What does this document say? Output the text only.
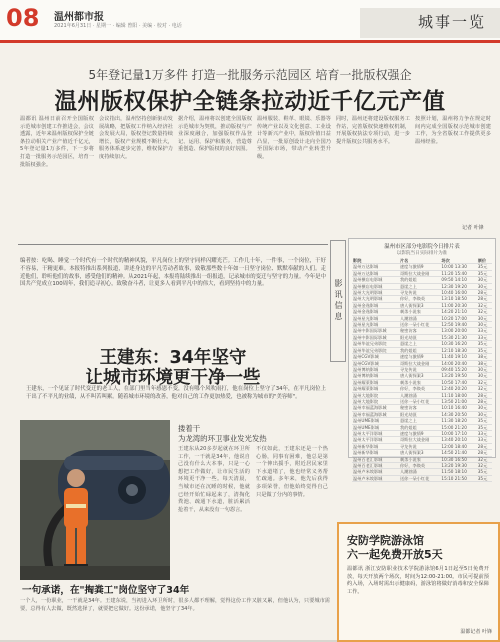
08 温州都市报
2021年6月31日 · 星期一 · 编辑 曾阳 · 美编 · 校对 · 电话	城事一览
5年登记量1万多件 打造一批服务示范园区 培育一批版权强企
温州版权保护全链条拉动近千亿元产值
温都讯 温州日前召开全国版权示范城市创建工作推进会，会议透露，近年来温州版权保护全链条拉动相关产业产值近千亿元，5年登记量1万多件，下一步将打造一批服务示范园区，培育一批版权强企。
会议指出，温州坚持创新驱动发展战略，把版权工作纳入经济社会发展大局，版权登记数量持续增长，版权产业规模不断壮大，服务体系逐步完善，维权保护力度持续加大。
据介绍，温州将以创建全国版权示范城市为契机，推动版权与产业深度融合，加强版权作品登记、运用、保护和服务，营造尊重创造、保护版权的良好氛围。
温州服装、鞋革、眼镜、乐器等传统产业以及文化创意、工业设计等新兴产业中，版权价值日益凸显，一批原创设计走向全国乃至国际市场，带动产业转型升级。
同时，温州还将建设版权服务工作站，完善版权快速维权机制，开展版权执法专项行动，进一步提升版权公共服务水平。
按照计划，温州将力争在规定时间内完成全国版权示范城市创建工作，为全省版权工作提供更多温州经验。
记者 叶锋
编者按：吃喝、睡觉一个时代有一个时代的精神风貌，平凡岗位上的坚守同样闪耀光芒。工作几十年，一件事，一个岗位，干好不容易，干精更难。本报特推出系列报道，讲述身边的平凡劳动者故事，致敬那些数十年如一日坚守岗位、默默奉献的人们。走近他们，聆听他们的故事，感受他们的精神。从2021年起，本报将陆续推出一组报道，记录城市的变迁与坚守的力量。今年是中国共产党成立100周年，我们追寻初心，致敬奋斗者，让更多人看到平凡中的伟大，看到坚持中的力量。	影讯信息
温州市区部分电影院今日排片表
以影院当日实际排片为准
影院	片名	场次	票价
温州万达影城	速度与激情9	10:00 13:30	35元
温州万达影城	哥斯拉大战金刚	11:20 15:40	35元
温州横店电影城	我的姐姐	09:50 14:10	30元
温州横店电影城	悬崖之上	12:30 19:20	30元
温州大光明影城	寻龙传说	10:40 16:00	28元
温州大光明影城	你好，李焕英	13:10 18:50	28元
温州金逸影城	唐人街探案3	11:00 20:30	32元
温州金逸影城	刺杀小说家	14:20 21:10	32元
温州星光影城	人潮汹涌	10:20 17:00	30元
温州星光影城	送你一朵小红花	12:50 19:40	30元
温州中影国际影城	秘密访客	13:00 20:00	33元
温州中影国际影城	阳光劫匪	15:30 21:30	33元
温州华谊兄弟影院	悬崖之上	10:30 16:20	35元
温州华谊兄弟影院	我的姐姐	12:10 18:30	35元
温州CGV影城	速度与激情9	11:40 19:10	38元
温州CGV影城	哥斯拉大战金刚	14:00 20:40	38元
温州博纳影城	寻龙传说	09:40 15:20	30元
温州博纳影城	唐人街探案3	13:20 19:50	30元
温州耀莱影城	刺杀小说家	10:50 17:40	32元
温州耀莱影城	你好，李焕英	12:40 20:20	32元
温州大地影院	人潮汹涌	11:10 18:00	28元
温州大地影院	送你一朵小红花	13:50 21:00	28元
温州幸福蓝海影城	秘密访客	10:10 16:40	30元
温州幸福蓝海影城	阳光劫匪	14:30 20:50	30元
温州UME影城	悬崖之上	11:30 18:20	35元
温州UME影城	我的姐姐	15:00 21:20	35元
温州太平洋影城	速度与激情9	10:00 17:10	33元
温州太平洋影城	哥斯拉大战金刚	13:40 20:10	33元
温州新华影城	寻龙传说	12:00 18:40	28元
温州新华影城	唐人街探案3	14:50 21:40	28元
温州百老汇影城	刺杀小说家	10:30 16:50	32元
温州百老汇影城	你好，李焕英	13:20 19:30	32元
温州卢米埃影城	人潮汹涌	11:50 18:10	35元
温州卢米埃影城	送你一朵小红花	15:10 21:50	35元
王建东：34年坚守
让城市环境更干净一些
王建东，一个见证了时代变迁的老工人，在部门里当年感恩不变，没有哪个风吹雨打，他在岗位上坚守了34年，在平凡岗位上干出了不平凡的业绩，从不叫苦叫累。随着城市环境的改善，他对自己的工作更加热爱，也被称为城市的"美容师"。
搂着干
为龙湾的环卫事业发光发热
王建东从20多岁起就在环卫所工作，一干就是34年，他说自己没有什么大本事，只是一心想把工作做好，让市民生活的环境更干净一些。每天清晨，当城市还在沉睡的时候，他就已经开始忙碌起来了，清掏化粪池、疏通下水道，脏活累活抢着干，从来没有一句怨言。
不仅如此，王建东还是一个热心肠，同事有困难，他总是第一个伸出援手，附近居民家里下水道堵了，他也经常义务帮忙疏通。多年来，他先后获得多项荣誉，但他始终觉得自己只是做了分内的事情。
一句承诺，在"掏粪工"岗位坚守了34年
一个人，一份职业，一干就是34年。王建东说，当初进入环卫所时，很多人都不理解，觉得这份工作又脏又累，但他认为，只要城市需要，总得有人去做，既然选择了，就要把它做好。这份承诺，他坚守了34年。
安防学院游泳馆
六一起免费开放5天
温都讯 浙江安防职业技术学院游泳馆6月1日起至5日免费开放，每天开放两个场次，时间为12:00-21:00。市民可提前预约入场，入场时需出示健康码，游泳馆将做好消毒和安全保障工作。
温都记者 叶锋
